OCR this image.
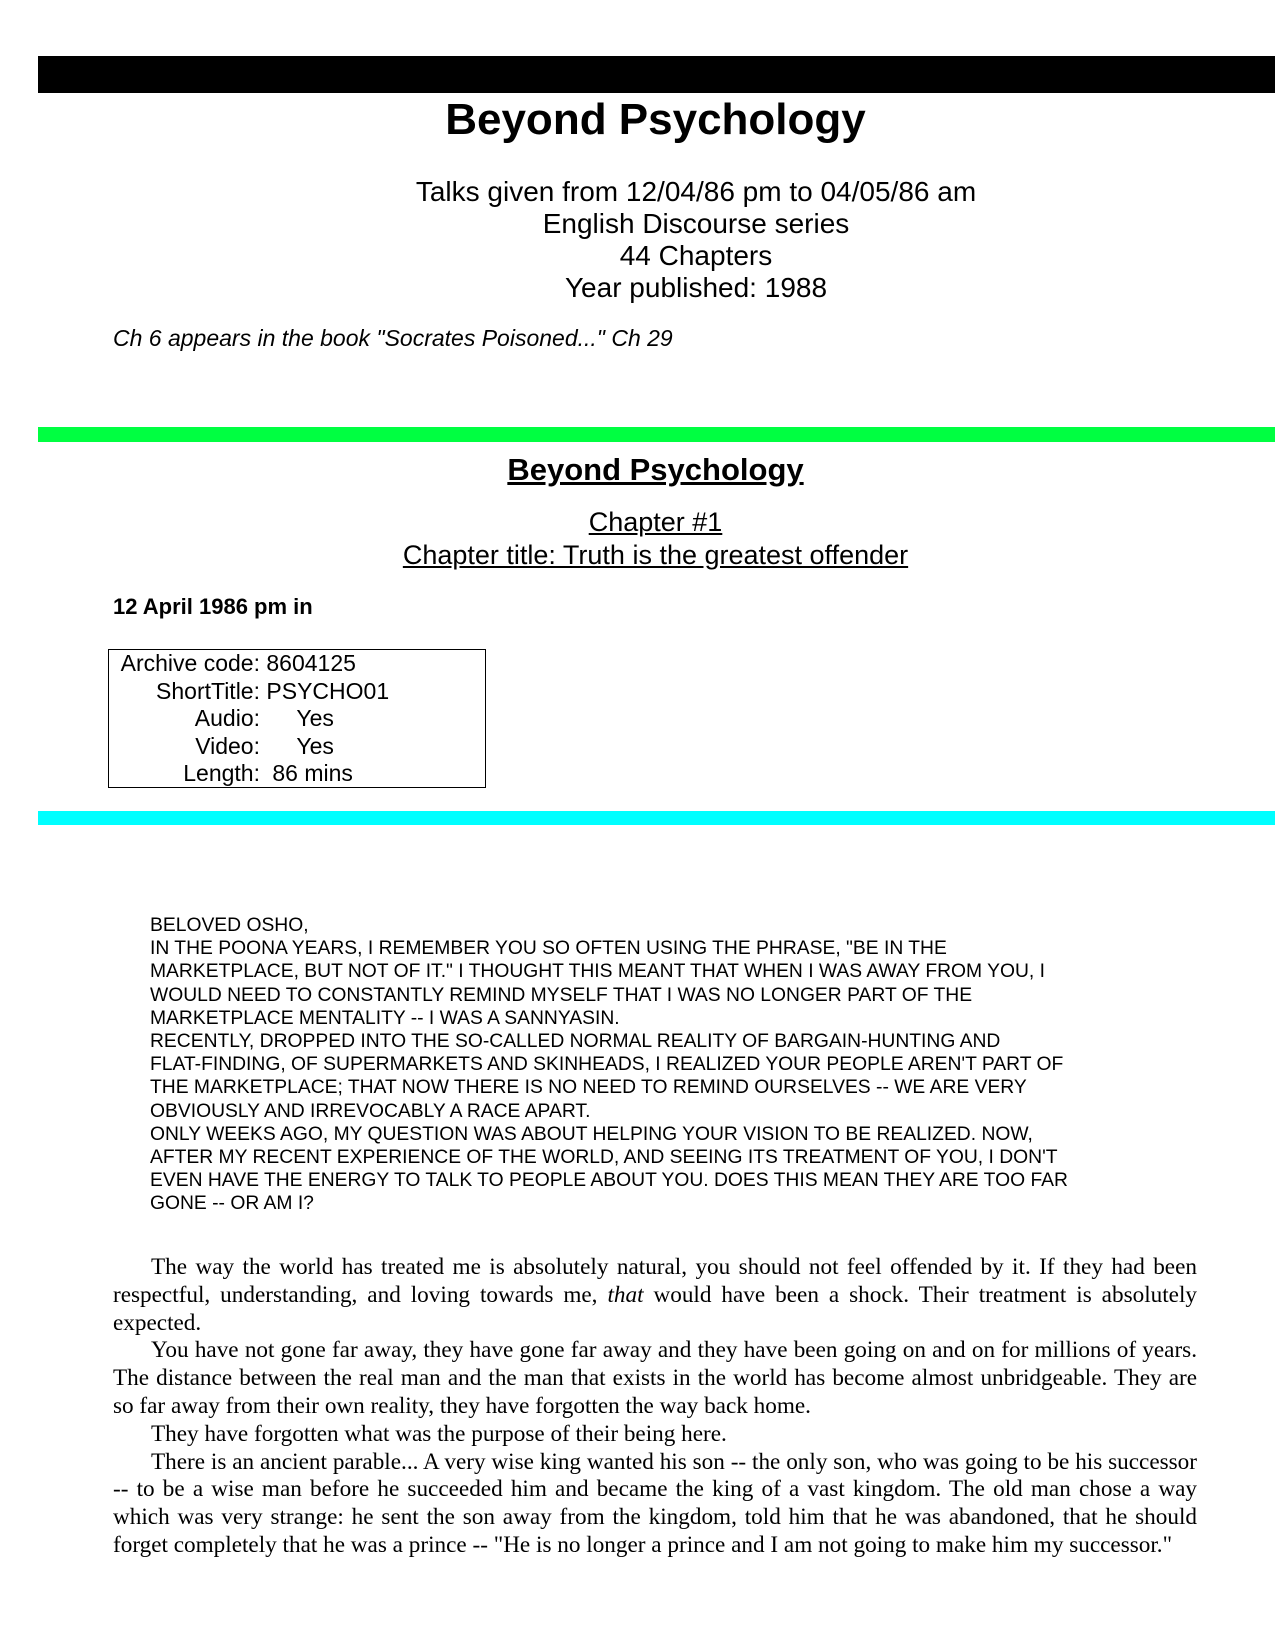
Beyond Psychology
Talks given from 12/04/86 pm to 04/05/86 am
English Discourse series
44 Chapters
Year published: 1988
Ch 6 appears in the book "Socrates Poisoned..." Ch 29
Beyond Psychology
Chapter #1
Chapter title: Truth is the greatest offender
12 April 1986 pm in
Archive code: 8604125
ShortTitle: PSYCHO01
Audio: Yes
Video: Yes
Length: 86 mins
BELOVED OSHO,
IN THE POONA YEARS, I REMEMBER YOU SO OFTEN USING THE PHRASE, "BE IN THE
MARKETPLACE, BUT NOT OF IT." I THOUGHT THIS MEANT THAT WHEN I WAS AWAY FROM YOU, I
WOULD NEED TO CONSTANTLY REMIND MYSELF THAT I WAS NO LONGER PART OF THE
MARKETPLACE MENTALITY -- I WAS A SANNYASIN.
RECENTLY, DROPPED INTO THE SO-CALLED NORMAL REALITY OF BARGAIN-HUNTING AND
FLAT-FINDING, OF SUPERMARKETS AND SKINHEADS, I REALIZED YOUR PEOPLE AREN'T PART OF
THE MARKETPLACE; THAT NOW THERE IS NO NEED TO REMIND OURSELVES -- WE ARE VERY
OBVIOUSLY AND IRREVOCABLY A RACE APART.
ONLY WEEKS AGO, MY QUESTION WAS ABOUT HELPING YOUR VISION TO BE REALIZED. NOW,
AFTER MY RECENT EXPERIENCE OF THE WORLD, AND SEEING ITS TREATMENT OF YOU, I DON'T
EVEN HAVE THE ENERGY TO TALK TO PEOPLE ABOUT YOU. DOES THIS MEAN THEY ARE TOO FAR
GONE -- OR AM I?

The way the world has treated me is absolutely natural, you should not feel offended by it. If they had been respectful, understanding, and loving towards me, that would have been a shock. Their treatment is absolutely expected.

You have not gone far away, they have gone far away and they have been going on and on for millions of years. The distance between the real man and the man that exists in the world has become almost unbridgeable. They are so far away from their own reality, they have forgotten the way back home.

They have forgotten what was the purpose of their being here.

There is an ancient parable... A very wise king wanted his son -- the only son, who was going to be his successor -- to be a wise man before he succeeded him and became the king of a vast kingdom. The old man chose a way which was very strange: he sent the son away from the kingdom, told him that he was abandoned, that he should forget completely that he was a prince -- "He is no longer a prince and I am not going to make him my successor."
